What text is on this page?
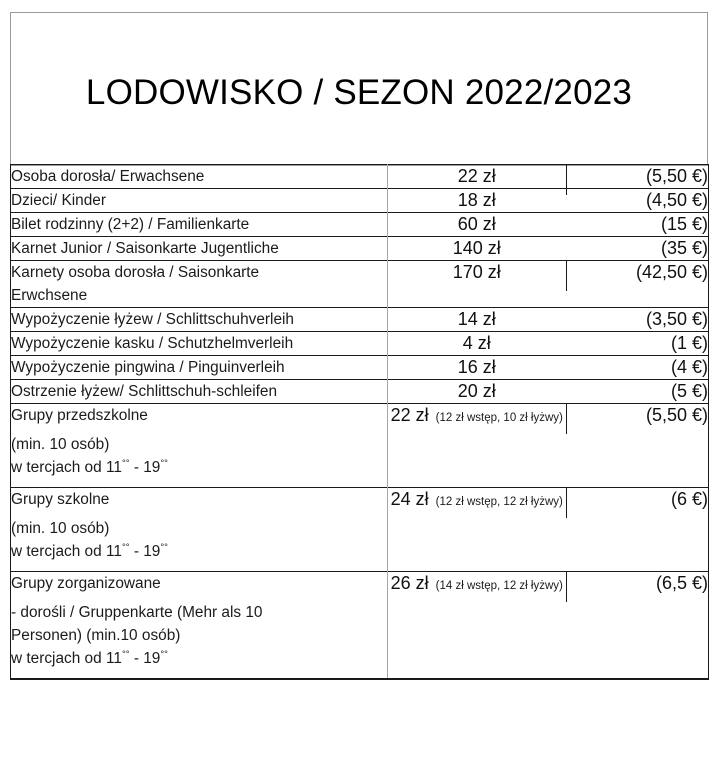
LODOWISKO / SEZON 2022/2023
Osoba dorosła/ Erwachsene	22 zł	(5,50 €)
Dzieci/ Kinder	18 zł	(4,50 €)
Bilet rodzinny (2+2) / Familienkarte	60 zł	(15 €)
Karnet Junior / Saisonkarte Jugentliche	140 zł	(35 €)

Karnety osoba dorosła / Saisonkarte
Erwchsene	170 zł	(42,50 €)
Wypożyczenie łyżew / Schlittschuhverleih	14 zł	(3,50 €)
Wypożyczenie kasku / Schutzhelmverleih	4 zł	(1 €)
Wypożyczenie pingwina / Pinguinverleih	16 zł	(4 €)
Ostrzenie łyżew/ Schlittschuh-schleifen	20 zł	(5 €)

Grupy przedszkolne
(min. 10 osób)
w tercjach od 11°° - 19°°	22 zł (12 zł wstęp, 10 zł łyżwy)	(5,50 €)

Grupy szkolne
(min. 10 osób)
w tercjach od 11°° - 19°°	24 zł (12 zł wstęp, 12 zł łyżwy)	(6 €)

Grupy zorganizowane
- dorośli / Gruppenkarte (Mehr als 10
Personen) (min.10 osób)
w tercjach od 11°° - 19°°	26 zł (14 zł wstęp, 12 zł łyżwy)	(6,5 €)
